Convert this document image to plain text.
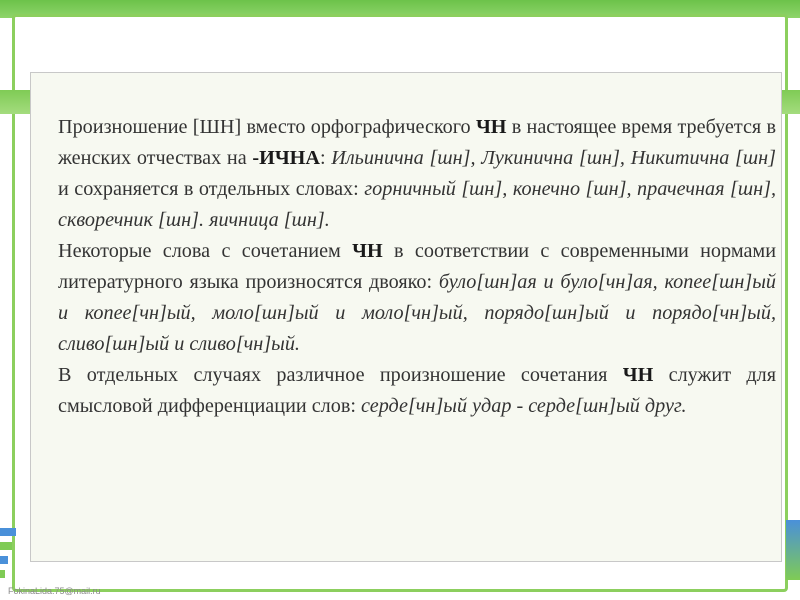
Произношение [ШН] вместо орфографического ЧН в настоящее время требуется в женских отчествах на -ИЧНА: Ильинична [шн], Лукинична [шн], Никитична [шн] и сохраняется в отдельных словах: горничный [шн], конечно [шн], прачечная [шн], скворечник [шн]. яичница [шн].

Некоторые слова с сочетанием ЧН в соответствии с современными нормами литературного языка произносятся двояко: було[шн]ая и було[чн]ая, копее[шн]ый и копее[чн]ый, моло[шн]ый и моло[чн]ый, порядо[шн]ый и порядо[чн]ый, сливо[шн]ый и сливо[чн]ый.

В отдельных случаях различное произношение сочетания ЧН служит для смысловой дифференциации слов: серде[чн]ый удар - серде[шн]ый друг.

FokinaLida.75@mail.ru
